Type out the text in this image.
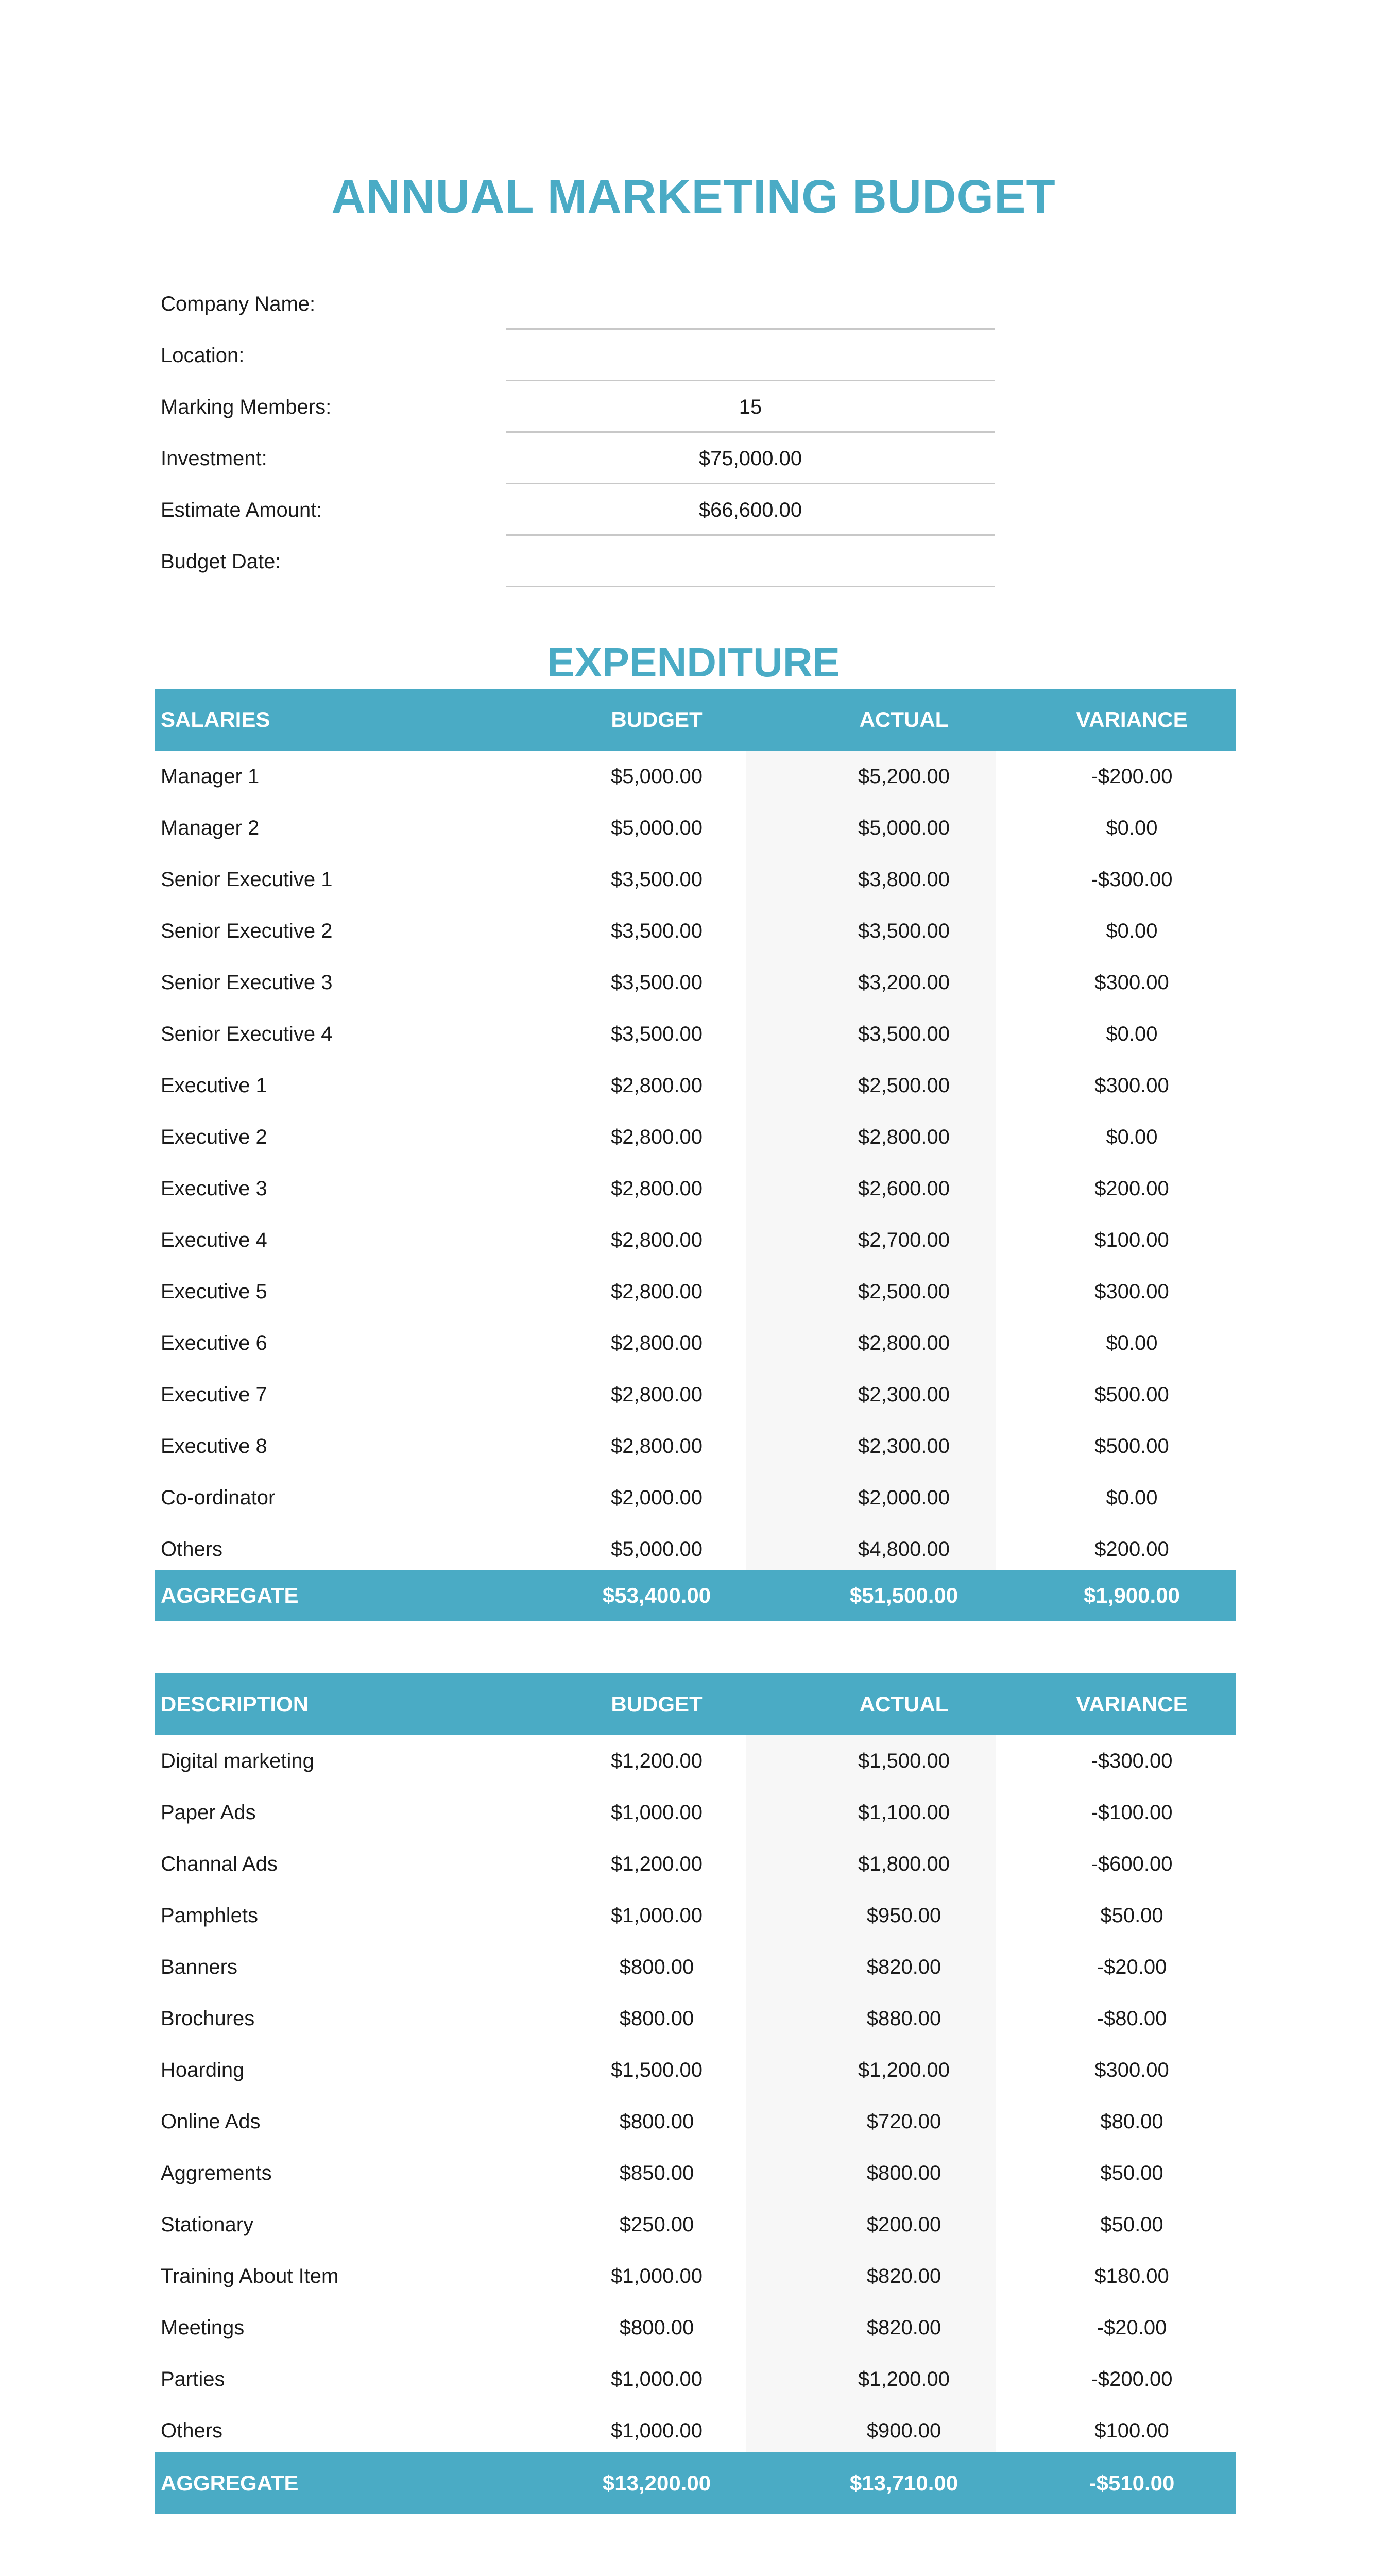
ANNUAL MARKETING BUDGET
Company Name:
Location:
Marking Members:	15
Investment:	$75,000.00
Estimate Amount:	$66,600.00
Budget Date:
EXPENDITURE
SALARIES	BUDGET	ACTUAL	VARIANCE
Manager 1	$5,000.00	$5,200.00	-$200.00
Manager 2	$5,000.00	$5,000.00	$0.00
Senior Executive 1	$3,500.00	$3,800.00	-$300.00
Senior Executive 2	$3,500.00	$3,500.00	$0.00
Senior Executive 3	$3,500.00	$3,200.00	$300.00
Senior Executive 4	$3,500.00	$3,500.00	$0.00
Executive 1	$2,800.00	$2,500.00	$300.00
Executive 2	$2,800.00	$2,800.00	$0.00
Executive 3	$2,800.00	$2,600.00	$200.00
Executive 4	$2,800.00	$2,700.00	$100.00
Executive 5	$2,800.00	$2,500.00	$300.00
Executive 6	$2,800.00	$2,800.00	$0.00
Executive 7	$2,800.00	$2,300.00	$500.00
Executive 8	$2,800.00	$2,300.00	$500.00
Co-ordinator	$2,000.00	$2,000.00	$0.00
Others	$5,000.00	$4,800.00	$200.00
AGGREGATE	$53,400.00	$51,500.00	$1,900.00
DESCRIPTION	BUDGET	ACTUAL	VARIANCE
Digital marketing	$1,200.00	$1,500.00	-$300.00
Paper Ads	$1,000.00	$1,100.00	-$100.00
Channal Ads	$1,200.00	$1,800.00	-$600.00
Pamphlets	$1,000.00	$950.00	$50.00
Banners	$800.00	$820.00	-$20.00
Brochures	$800.00	$880.00	-$80.00
Hoarding	$1,500.00	$1,200.00	$300.00
Online Ads	$800.00	$720.00	$80.00
Aggrements	$850.00	$800.00	$50.00
Stationary	$250.00	$200.00	$50.00
Training About Item	$1,000.00	$820.00	$180.00
Meetings	$800.00	$820.00	-$20.00
Parties	$1,000.00	$1,200.00	-$200.00
Others	$1,000.00	$900.00	$100.00
AGGREGATE	$13,200.00	$13,710.00	-$510.00
